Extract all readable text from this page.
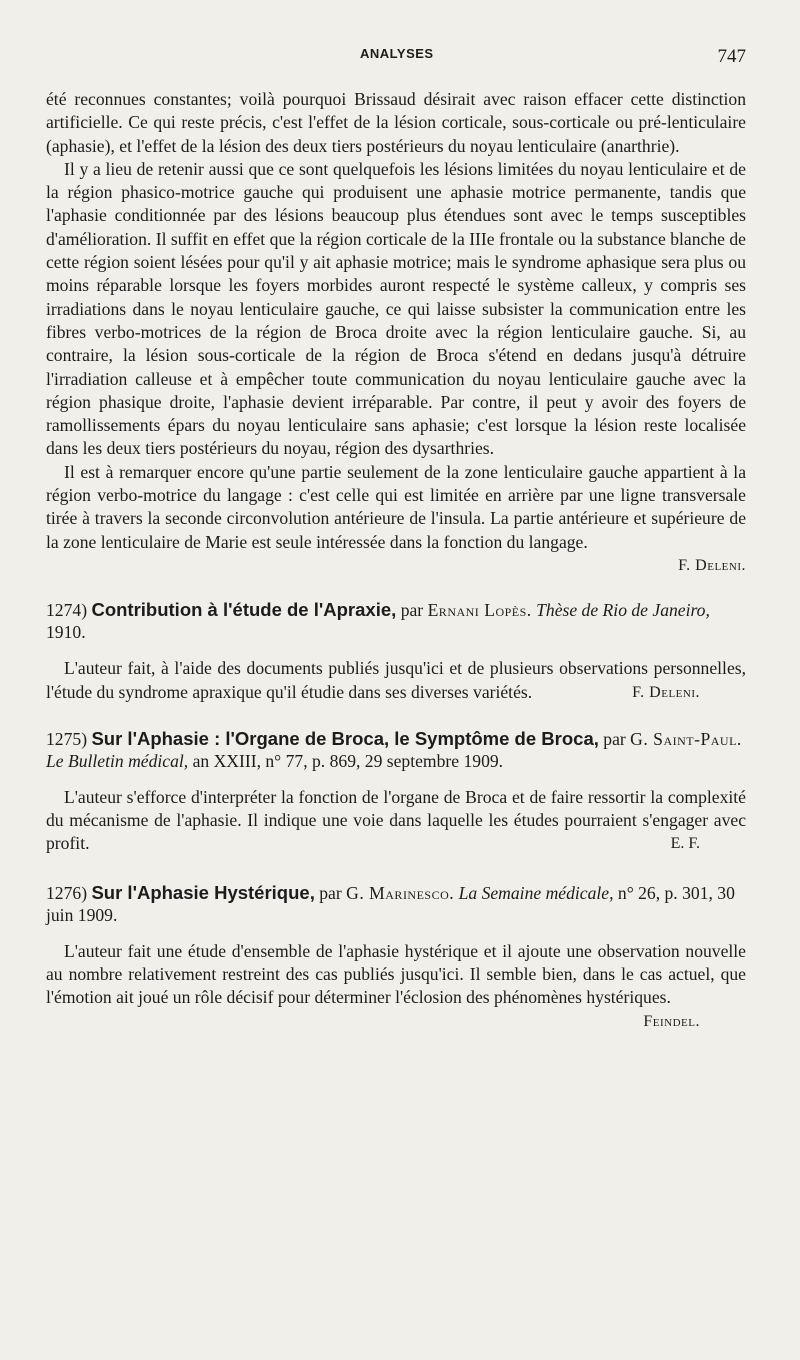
ANALYSES	747

été reconnues constantes; voilà pourquoi Brissaud désirait avec raison effacer cette distinction artificielle. Ce qui reste précis, c'est l'effet de la lésion corticale, sous-corticale ou pré-lenticulaire (aphasie), et l'effet de la lésion des deux tiers postérieurs du noyau lenticulaire (anarthrie).

Il y a lieu de retenir aussi que ce sont quelquefois les lésions limitées du noyau lenticulaire et de la région phasico-motrice gauche qui produisent une aphasie motrice permanente, tandis que l'aphasie conditionnée par des lésions beaucoup plus étendues sont avec le temps susceptibles d'amélioration. Il suffit en effet que la région corticale de la IIIe frontale ou la substance blanche de cette région soient lésées pour qu'il y ait aphasie motrice; mais le syndrome aphasique sera plus ou moins réparable lorsque les foyers morbides auront respecté le système calleux, y compris ses irradiations dans le noyau lenticulaire gauche, ce qui laisse subsister la communication entre les fibres verbo-motrices de la région de Broca droite avec la région lenticulaire gauche. Si, au contraire, la lésion sous-corticale de la région de Broca s'étend en dedans jusqu'à détruire l'irradiation calleuse et à empêcher toute communication du noyau lenticulaire gauche avec la région phasique droite, l'aphasie devient irréparable. Par contre, il peut y avoir des foyers de ramollissements épars du noyau lenticulaire sans aphasie; c'est lorsque la lésion reste localisée dans les deux tiers postérieurs du noyau, région des dysarthries.

Il est à remarquer encore qu'une partie seulement de la zone lenticulaire gauche appartient à la région verbo-motrice du langage : c'est celle qui est limitée en arrière par une ligne transversale tirée à travers la seconde circonvolution antérieure de l'insula. La partie antérieure et supérieure de la zone lenticulaire de Marie est seule intéressée dans la fonction du langage.

F. Deleni.

1274) Contribution à l'étude de l'Apraxie, par Ernani Lopès. Thèse de Rio de Janeiro, 1910.

L'auteur fait, à l'aide des documents publiés jusqu'ici et de plusieurs observations personnelles, l'étude du syndrome apraxique qu'il étudie dans ses diverses variétés.	F. Deleni.

1275) Sur l'Aphasie : l'Organe de Broca, le Symptôme de Broca, par G. Saint-Paul. Le Bulletin médical, an XXIII, n° 77, p. 869, 29 septembre 1909.

L'auteur s'efforce d'interpréter la fonction de l'organe de Broca et de faire ressortir la complexité du mécanisme de l'aphasie. Il indique une voie dans laquelle les études pourraient s'engager avec profit.	E. F.

1276) Sur l'Aphasie Hystérique, par G. Marinesco. La Semaine médicale, n° 26, p. 301, 30 juin 1909.

L'auteur fait une étude d'ensemble de l'aphasie hystérique et il ajoute une observation nouvelle au nombre relativement restreint des cas publiés jusqu'ici. Il semble bien, dans le cas actuel, que l'émotion ait joué un rôle décisif pour déterminer l'éclosion des phénomènes hystériques.
Feindel.
